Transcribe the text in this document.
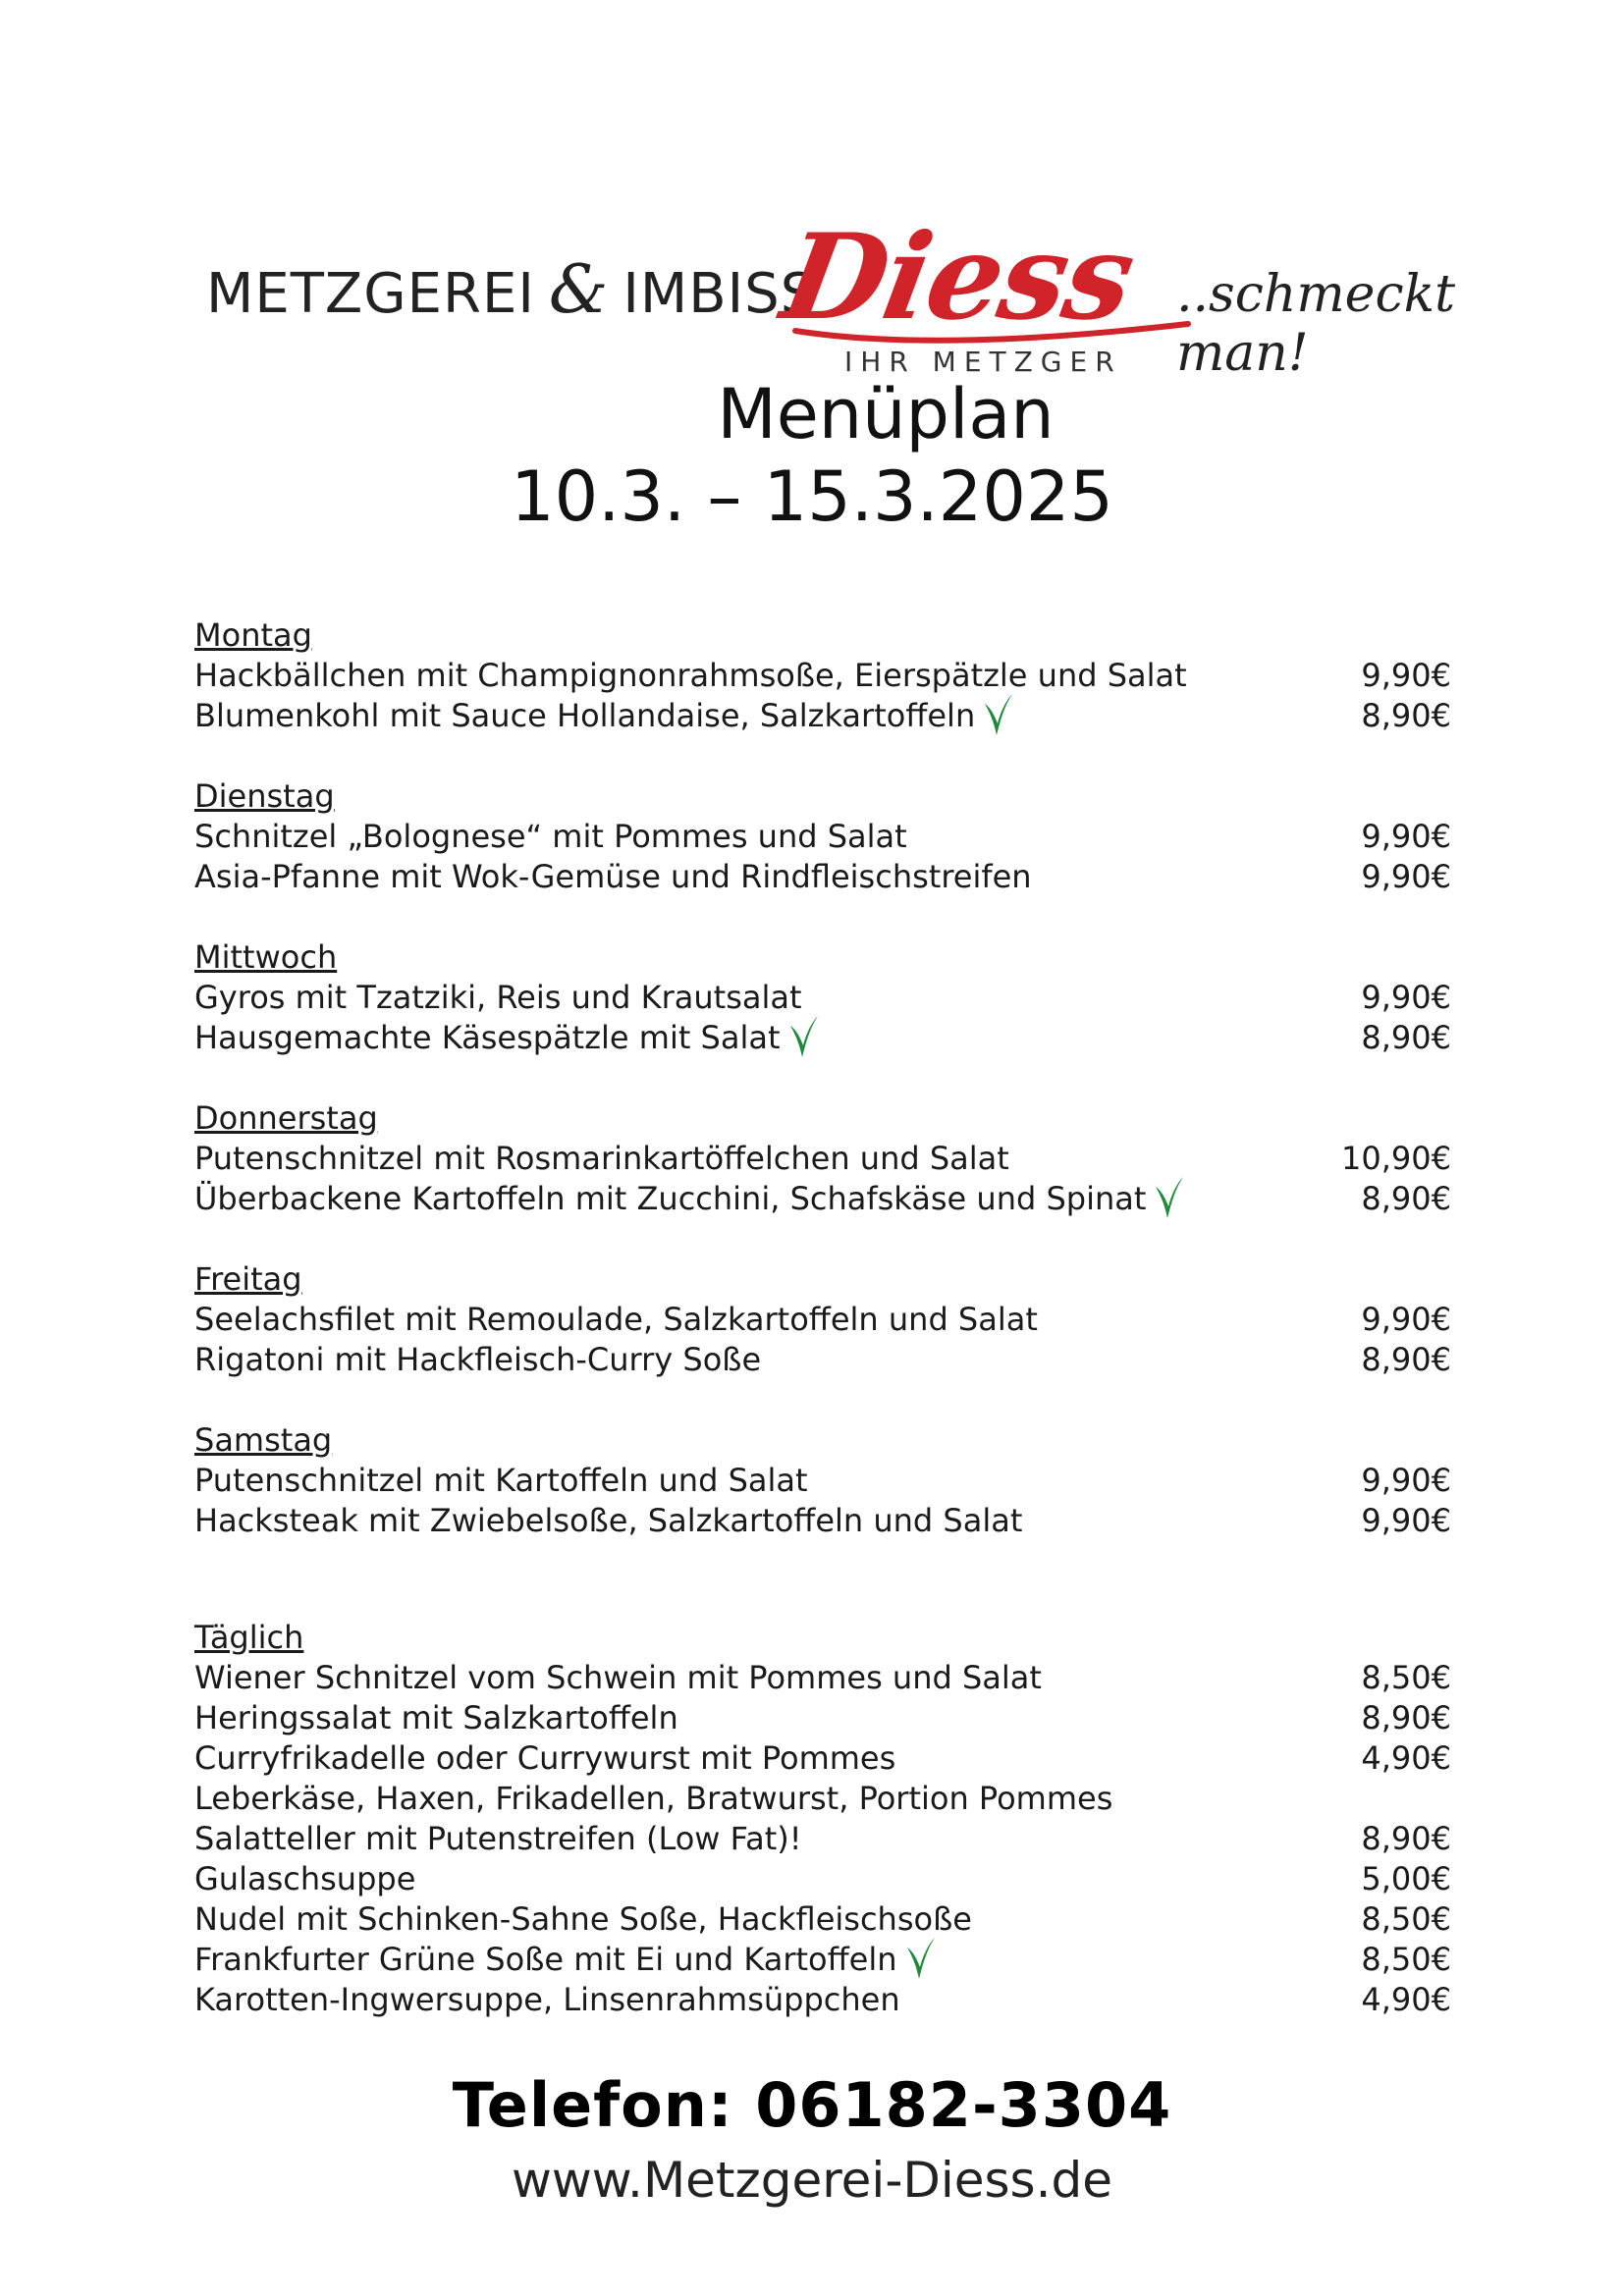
METZGEREI & IMBISS
Diess
IHR METZGER
..schmeckt man!
Menüplan
10.3. – 15.3.2025
Montag
Hackbällchen mit Champignonrahmsoße, Eierspätzle und Salat	9,90€
Blumenkohl mit Sauce Hollandaise, Salzkartoffeln	8,90€
Dienstag
Schnitzel „Bolognese“ mit Pommes und Salat	9,90€
Asia-Pfanne mit Wok-Gemüse und Rindfleischstreifen	9,90€
Mittwoch
Gyros mit Tzatziki, Reis und Krautsalat	9,90€
Hausgemachte Käsespätzle mit Salat	8,90€
Donnerstag
Putenschnitzel mit Rosmarinkartöffelchen und Salat	10,90€
Überbackene Kartoffeln mit Zucchini, Schafskäse und Spinat	8,90€
Freitag
Seelachsfilet mit Remoulade, Salzkartoffeln und Salat	9,90€
Rigatoni mit Hackfleisch-Curry Soße	8,90€
Samstag
Putenschnitzel mit Kartoffeln und Salat	9,90€
Hacksteak mit Zwiebelsoße, Salzkartoffeln und Salat	9,90€
Täglich
Wiener Schnitzel vom Schwein mit Pommes und Salat	8,50€
Heringssalat mit Salzkartoffeln	8,90€
Curryfrikadelle oder Currywurst mit Pommes	4,90€
Leberkäse, Haxen, Frikadellen, Bratwurst, Portion Pommes
Salatteller mit Putenstreifen (Low Fat)!	8,90€
Gulaschsuppe	5,00€
Nudel mit Schinken-Sahne Soße, Hackfleischsoße	8,50€
Frankfurter Grüne Soße mit Ei und Kartoffeln	8,50€
Karotten-Ingwersuppe, Linsenrahmsüppchen	4,90€
Telefon: 06182-3304
www.Metzgerei-Diess.de
